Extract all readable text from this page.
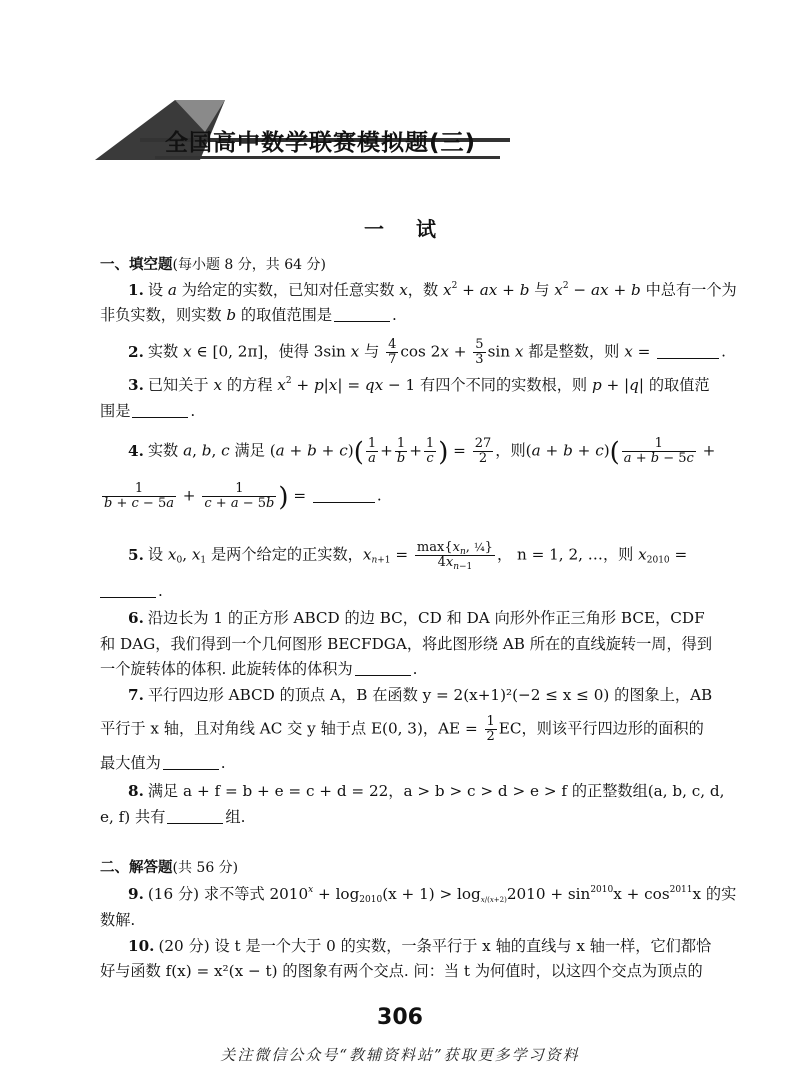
全国高中数学联赛模拟题(三)
一 试
一、填空题(每小题 8 分，共 64 分)
1. 设 a 为给定的实数，已知对任意实数 x，数 $x^2$ + ax + b 与 $x^2$ − ax + b 中总有一个为
非负实数，则实数 b 的取值范围是	.
2. 实数 x ∈ [0, 2π]，使得 3sin x 与 $\frac{4}{7}$ $\cos 2x + \frac{5}{3}$ sin x 都是整数，则 x =	.
3. 已知关于 x 的方程 $x^2 + p|x|$ = qx − 1 有四个不同的实数根，则 p + |q| 的取值范
围是	.
4. 实数 a, b, c 满足 $(a + b + c)( \frac{1}{a} + \frac{1}{b} + \frac{1}{c}$ ) = $\frac{27}{2}$ ，则$(a + b + c)( \frac{1}{a + b - 5c}$ +
$\frac{1}{b + c - 5a} + \frac{1}{c + a - 5b}$ ) =	.
5. 设 $x_0$, $x_1$ 是两个给定的正实数，$x_{n+1} = \max\{x_n$, ¼}
$4x_{n-1}$
， n = 1, 2, …，则 $x_{2010}$ =
.
6. 沿边长为 1 的正方形 ABCD 的边 BC，CD 和 DA 向形外作正三角形 BCE，CDF
和 DAG，我们得到一个几何图形 BECFDGA，将此图形绕 AB 所在的直线旋转一周，得到
一个旋转体的体积. 此旋转体的体积为	.
7. 平行四边形 ABCD 的顶点 A，B 在函数 y = 2(x+1)²(−2 ≤ x ≤ 0) 的图象上，AB
平行于 x 轴，且对角线 AC 交 y 轴于点 E(0, 3)，AE = $\frac{1}{2}$ EC，则该平行四边形的面积的
最大值为	.
8. 满足 a + f = b + e = c + d = 22，a > b > c > d > e > f 的正整数组(a, b, c, d,
e, f) 共有	组.
二、解答题(共 56 分)
9. (16 分) 求不等式 $2010^x + \log_{2010}(x + 1) > \log_{x/(x+2)}2010 + \sin^{2010}x + \cos^{2011}x$ 的实
数解.
10. (20 分) 设 t 是一个大于 0 的实数，一条平行于 x 轴的直线与 x 轴一样，它们都恰
好与函数 f(x) = x²(x − t) 的图象有两个交点. 问：当 t 为何值时，以这四个交点为顶点的
306
关注微信公众号“教辅资料站”获取更多学习资料
